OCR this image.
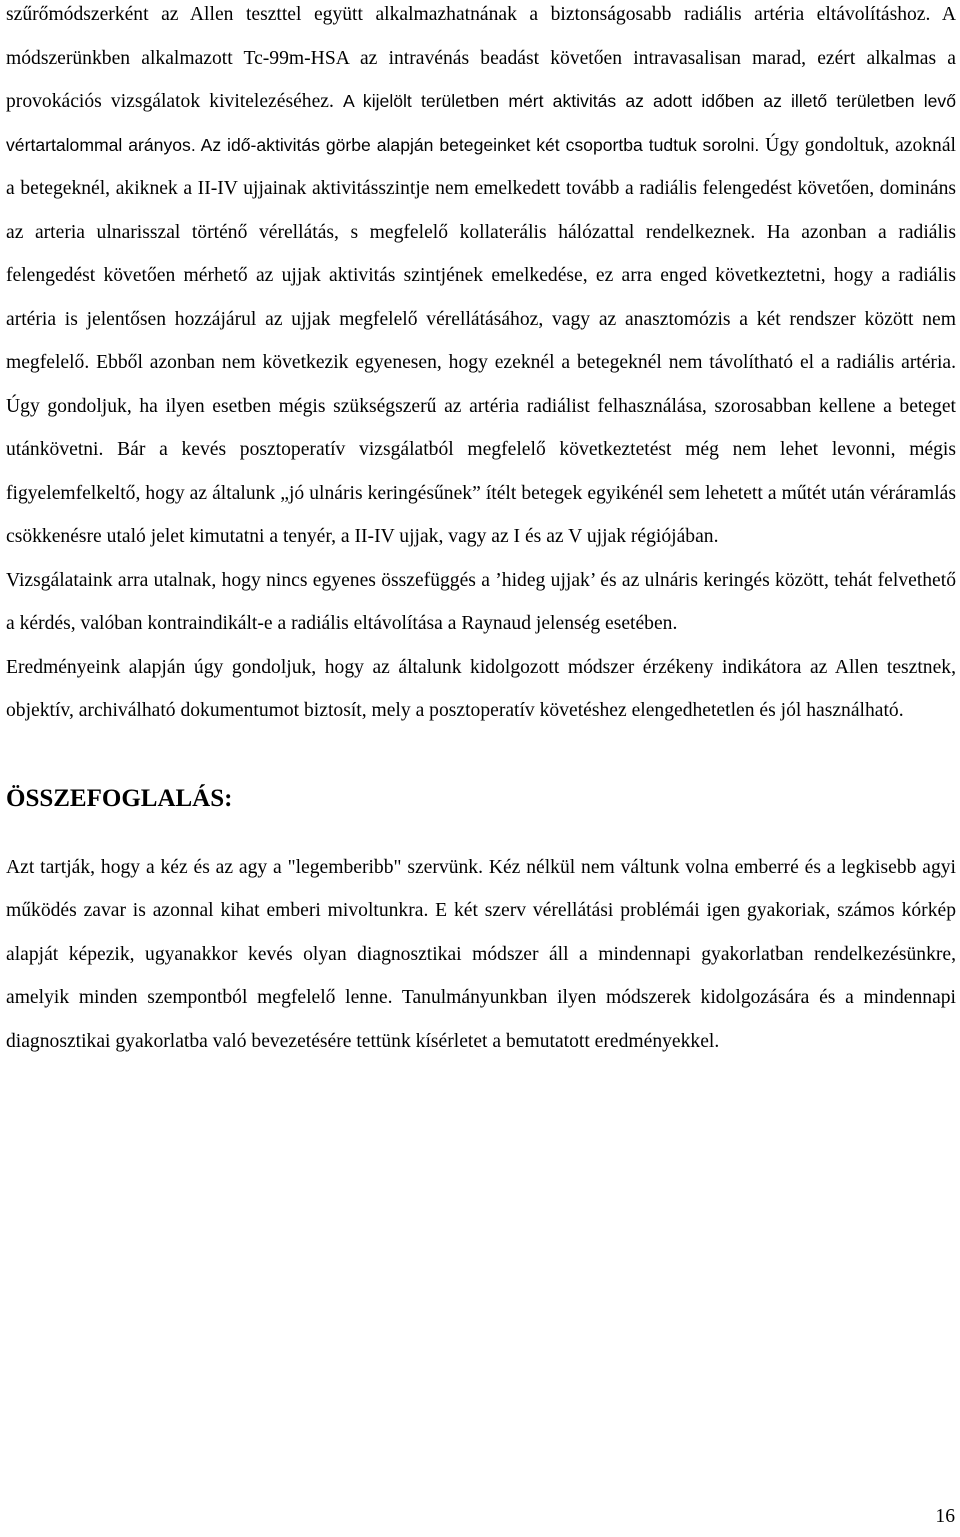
szűrőmódszerként az Allen teszttel együtt alkalmazhatnának a biztonságosabb radiális artéria eltávolításhoz. A módszerünkben alkalmazott Tc-99m-HSA az intravénás beadást követően intravasalisan marad, ezért alkalmas a provokációs vizsgálatok kivitelezéséhez. A kijelölt területben mért aktivitás az adott időben az illető területben levő vértartalommal arányos. Az idő-aktivitás görbe alapján betegeinket két csoportba tudtuk sorolni. Úgy gondoltuk, azoknál a betegeknél, akiknek a II-IV ujjainak aktivitásszintje nem emelkedett tovább a radiális felengedést követően, domináns az arteria ulnarisszal történő vérellátás, s megfelelő kollaterális hálózattal rendelkeznek. Ha azonban a radiális felengedést követően mérhető az ujjak aktivitás szintjének emelkedése, ez arra enged következtetni, hogy a radiális artéria is jelentősen hozzájárul az ujjak megfelelő vérellátásához, vagy az anasztomózis a két rendszer között nem megfelelő. Ebből azonban nem következik egyenesen, hogy ezeknél a betegeknél nem távolítható el a radiális artéria. Úgy gondoljuk, ha ilyen esetben mégis szükségszerű az artéria radiálist felhasználása, szorosabban kellene a beteget utánkövetni. Bár a kevés posztoperatív vizsgálatból megfelelő következtetést még nem lehet levonni, mégis figyelemfelkeltő, hogy az általunk „jó ulnáris keringésűnek” ítélt betegek egyikénél sem lehetett a műtét után véráramlás csökkenésre utaló jelet kimutatni a tenyér, a II-IV ujjak, vagy az I és az V ujjak régiójában.

Vizsgálataink arra utalnak, hogy nincs egyenes összefüggés a ’hideg ujjak’ és az ulnáris keringés között, tehát felvethető a kérdés, valóban kontraindikált-e a radiális eltávolítása a Raynaud jelenség esetében.

Eredményeink alapján úgy gondoljuk, hogy az általunk kidolgozott módszer érzékeny indikátora az Allen tesztnek, objektív, archiválható dokumentumot biztosít, mely a posztoperatív követéshez elengedhetetlen és jól használható.

ÖSSZEFOGLALÁS:

Azt tartják, hogy a kéz és az agy a "legemberibb" szervünk. Kéz nélkül nem váltunk volna emberré és a legkisebb agyi működés zavar is azonnal kihat emberi mivoltunkra. E két szerv vérellátási problémái igen gyakoriak, számos kórkép alapját képezik, ugyanakkor kevés olyan diagnosztikai módszer áll a mindennapi gyakorlatban rendelkezésünkre, amelyik minden szempontból megfelelő lenne. Tanulmányunkban ilyen módszerek kidolgozására és a mindennapi diagnosztikai gyakorlatba való bevezetésére tettünk kísérletet a bemutatott eredményekkel.

16
